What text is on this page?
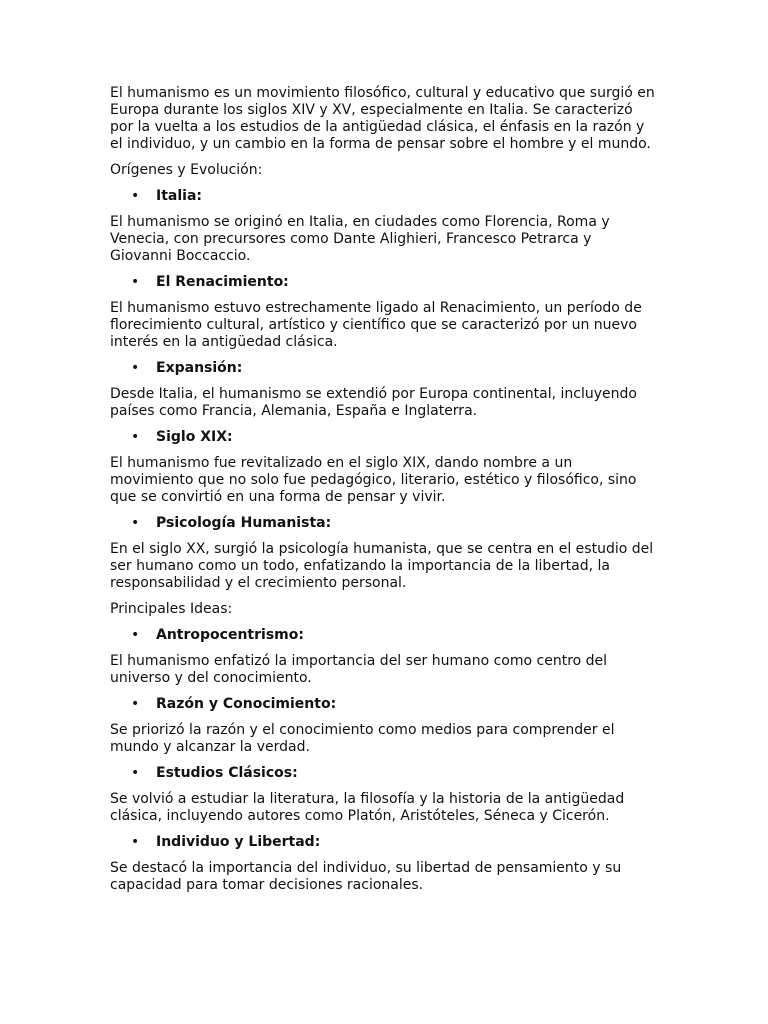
El humanismo es un movimiento filosófico, cultural y educativo que surgió en Europa durante los siglos XIV y XV, especialmente en Italia. Se caracterizó por la vuelta a los estudios de la antigüedad clásica, el énfasis en la razón y el individuo, y un cambio en la forma de pensar sobre el hombre y el mundo.

Orígenes y Evolución:

• Italia:

El humanismo se originó en Italia, en ciudades como Florencia, Roma y Venecia, con precursores como Dante Alighieri, Francesco Petrarca y Giovanni Boccaccio.

• El Renacimiento:

El humanismo estuvo estrechamente ligado al Renacimiento, un período de florecimiento cultural, artístico y científico que se caracterizó por un nuevo interés en la antigüedad clásica.

• Expansión:

Desde Italia, el humanismo se extendió por Europa continental, incluyendo países como Francia, Alemania, España e Inglaterra.

• Siglo XIX:

El humanismo fue revitalizado en el siglo XIX, dando nombre a un movimiento que no solo fue pedagógico, literario, estético y filosófico, sino que se convirtió en una forma de pensar y vivir.

• Psicología Humanista:

En el siglo XX, surgió la psicología humanista, que se centra en el estudio del ser humano como un todo, enfatizando la importancia de la libertad, la responsabilidad y el crecimiento personal.

Principales Ideas:

• Antropocentrismo:

El humanismo enfatizó la importancia del ser humano como centro del universo y del conocimiento.

• Razón y Conocimiento:

Se priorizó la razón y el conocimiento como medios para comprender el mundo y alcanzar la verdad.

• Estudios Clásicos:

Se volvió a estudiar la literatura, la filosofía y la historia de la antigüedad clásica, incluyendo autores como Platón, Aristóteles, Séneca y Cicerón.

• Individuo y Libertad:

Se destacó la importancia del individuo, su libertad de pensamiento y su capacidad para tomar decisiones racionales.
